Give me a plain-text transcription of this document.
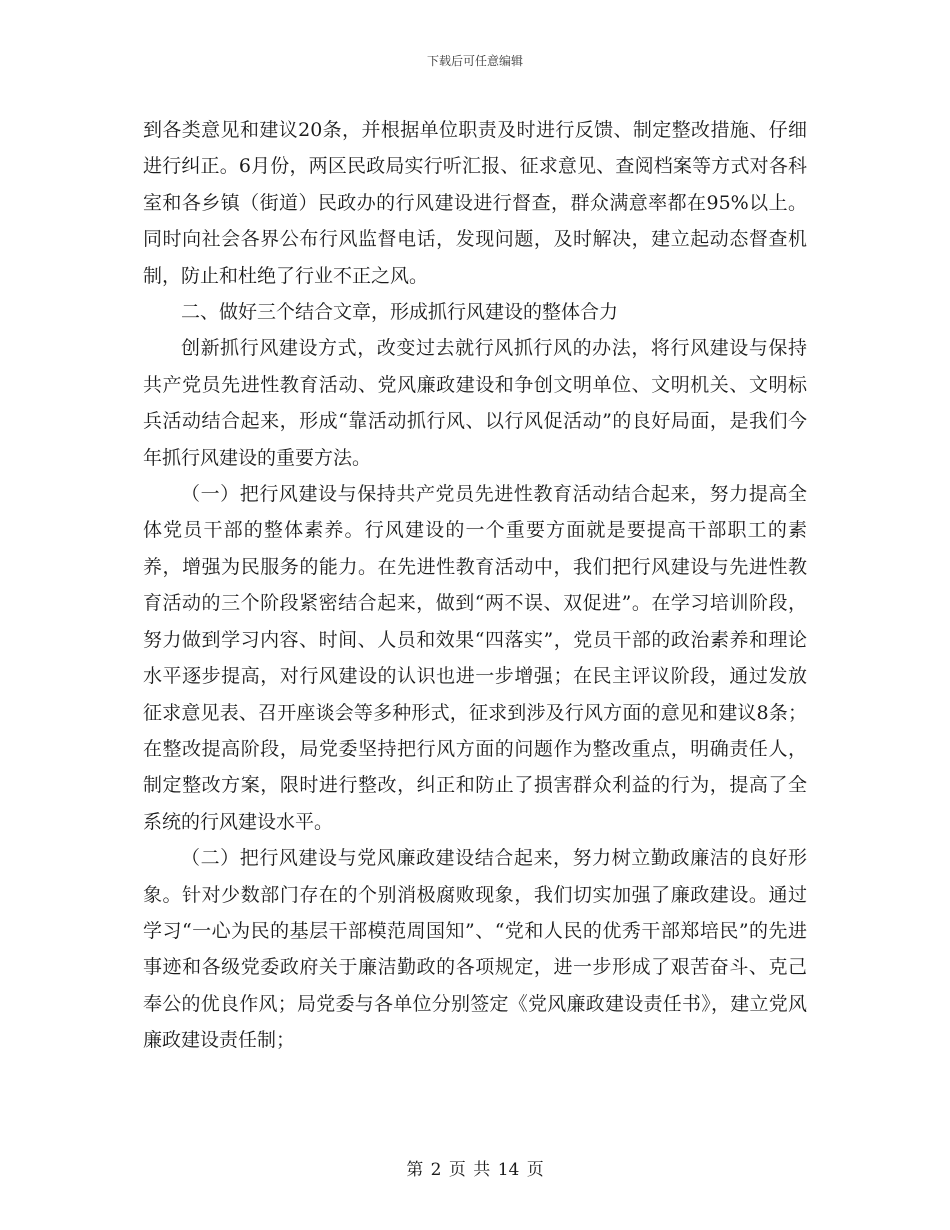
下载后可任意编辑

到各类意见和建议20条，并根据单位职责及时进行反馈、制定整改措施、仔细进行纠正。6月份，两区民政局实行听汇报、征求意见、查阅档案等方式对各科室和各乡镇（街道）民政办的行风建设进行督查，群众满意率都在95%以上。同时向社会各界公布行风监督电话，发现问题，及时解决，建立起动态督查机制，防止和杜绝了行业不正之风。

二、做好三个结合文章，形成抓行风建设的整体合力

创新抓行风建设方式，改变过去就行风抓行风的办法，将行风建设与保持共产党员先进性教育活动、党风廉政建设和争创文明单位、文明机关、文明标兵活动结合起来，形成“靠活动抓行风、以行风促活动”的良好局面，是我们今年抓行风建设的重要方法。

（一）把行风建设与保持共产党员先进性教育活动结合起来，努力提高全体党员干部的整体素养。行风建设的一个重要方面就是要提高干部职工的素养，增强为民服务的能力。在先进性教育活动中，我们把行风建设与先进性教育活动的三个阶段紧密结合起来，做到“两不误、双促进”。在学习培训阶段，努力做到学习内容、时间、人员和效果“四落实”，党员干部的政治素养和理论水平逐步提高，对行风建设的认识也进一步增强；在民主评议阶段，通过发放征求意见表、召开座谈会等多种形式，征求到涉及行风方面的意见和建议8条；在整改提高阶段，局党委坚持把行风方面的问题作为整改重点，明确责任人，制定整改方案，限时进行整改，纠正和防止了损害群众利益的行为，提高了全系统的行风建设水平。

（二）把行风建设与党风廉政建设结合起来，努力树立勤政廉洁的良好形象。针对少数部门存在的个别消极腐败现象，我们切实加强了廉政建设。通过学习“一心为民的基层干部模范周国知”、“党和人民的优秀干部郑培民”的先进事迹和各级党委政府关于廉洁勤政的各项规定，进一步形成了艰苦奋斗、克己奉公的优良作风；局党委与各单位分别签定《党风廉政建设责任书》，建立党风廉政建设责任制；

第 2 页 共 14 页
